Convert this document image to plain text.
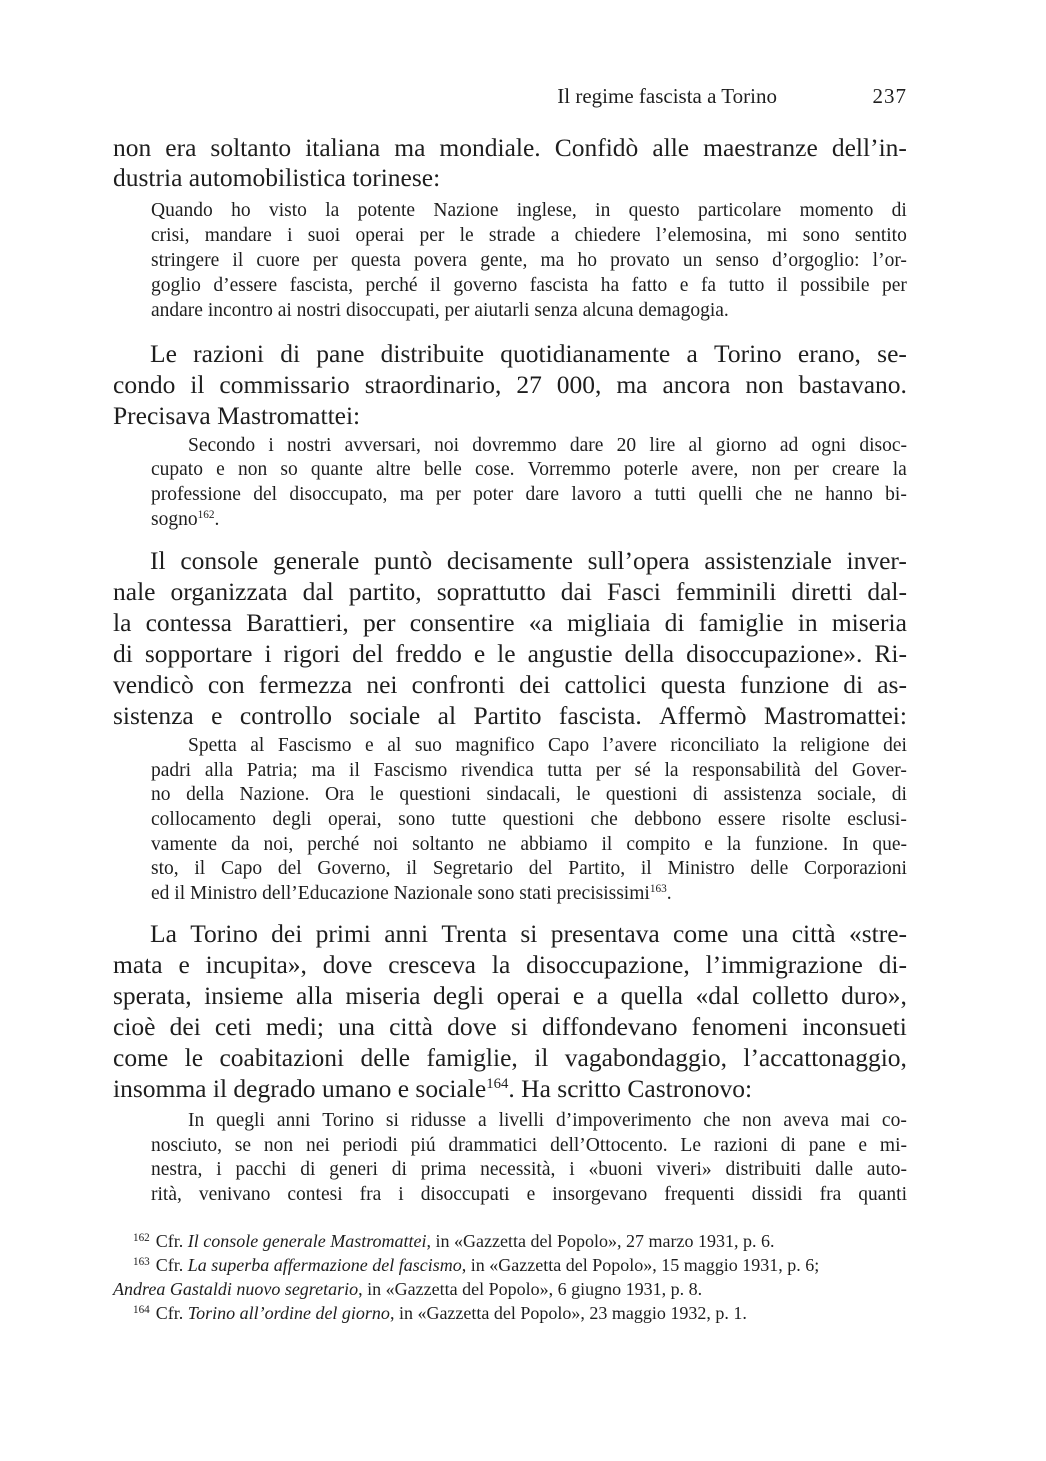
Il regime fascista a Torino	237
non era soltanto italiana ma mondiale. Confidò alle maestranze dell’in-
dustria automobilistica torinese:
Quando ho visto la potente Nazione inglese, in questo particolare momento di
crisi, mandare i suoi operai per le strade a chiedere l’elemosina, mi sono sentito
stringere il cuore per questa povera gente, ma ho provato un senso d’orgoglio: l’or-
goglio d’essere fascista, perché il governo fascista ha fatto e fa tutto il possibile per
andare incontro ai nostri disoccupati, per aiutarli senza alcuna demagogia.
Le razioni di pane distribuite quotidianamente a Torino erano, se-
condo il commissario straordinario, 27 000, ma ancora non bastavano.
Precisava Mastromattei:
Secondo i nostri avversari, noi dovremmo dare 20 lire al giorno ad ogni disoc-
cupato e non so quante altre belle cose. Vorremmo poterle avere, non per creare la
professione del disoccupato, ma per poter dare lavoro a tutti quelli che ne hanno bi-
sogno$^{162}$.
Il console generale puntò decisamente sull’opera assistenziale inver-
nale organizzata dal partito, soprattutto dai Fasci femminili diretti dal-
la contessa Barattieri, per consentire «a migliaia di famiglie in miseria
di sopportare i rigori del freddo e le angustie della disoccupazione». Ri-
vendicò con fermezza nei confronti dei cattolici questa funzione di as-
sistenza e controllo sociale al Partito fascista. Affermò Mastromattei:
Spetta al Fascismo e al suo magnifico Capo l’avere riconciliato la religione dei
padri alla Patria; ma il Fascismo rivendica tutta per sé la responsabilità del Gover-
no della Nazione. Ora le questioni sindacali, le questioni di assistenza sociale, di
collocamento degli operai, sono tutte questioni che debbono essere risolte esclusi-
vamente da noi, perché noi soltanto ne abbiamo il compito e la funzione. In que-
sto, il Capo del Governo, il Segretario del Partito, il Ministro delle Corporazioni
ed il Ministro dell’Educazione Nazionale sono stati precisissimi$^{163}$.
La Torino dei primi anni Trenta si presentava come una città «stre-
mata e incupita», dove cresceva la disoccupazione, l’immigrazione di-
sperata, insieme alla miseria degli operai e a quella «dal colletto duro»,
cioè dei ceti medi; una città dove si diffondevano fenomeni inconsueti
come le coabitazioni delle famiglie, il vagabondaggio, l’accattonaggio,
insomma il degrado umano e sociale$^{164}$. Ha scritto Castronovo:
In quegli anni Torino si ridusse a livelli d’impoverimento che non aveva mai co-
nosciuto, se non nei periodi piú drammatici dell’Ottocento. Le razioni di pane e mi-
nestra, i pacchi di generi di prima necessità, i «buoni viveri» distribuiti dalle auto-
rità, venivano contesi fra i disoccupati e insorgevano frequenti dissidi fra quanti
$^{162}$ Cfr. Il console generale Mastromattei, in «Gazzetta del Popolo», 27 marzo 1931, p. 6.
$^{163}$ Cfr. La superba affermazione del fascismo, in «Gazzetta del Popolo», 15 maggio 1931, p. 6;
Andrea Gastaldi nuovo segretario, in «Gazzetta del Popolo», 6 giugno 1931, p. 8.
$^{164}$ Cfr. Torino all’ordine del giorno, in «Gazzetta del Popolo», 23 maggio 1932, p. 1.
